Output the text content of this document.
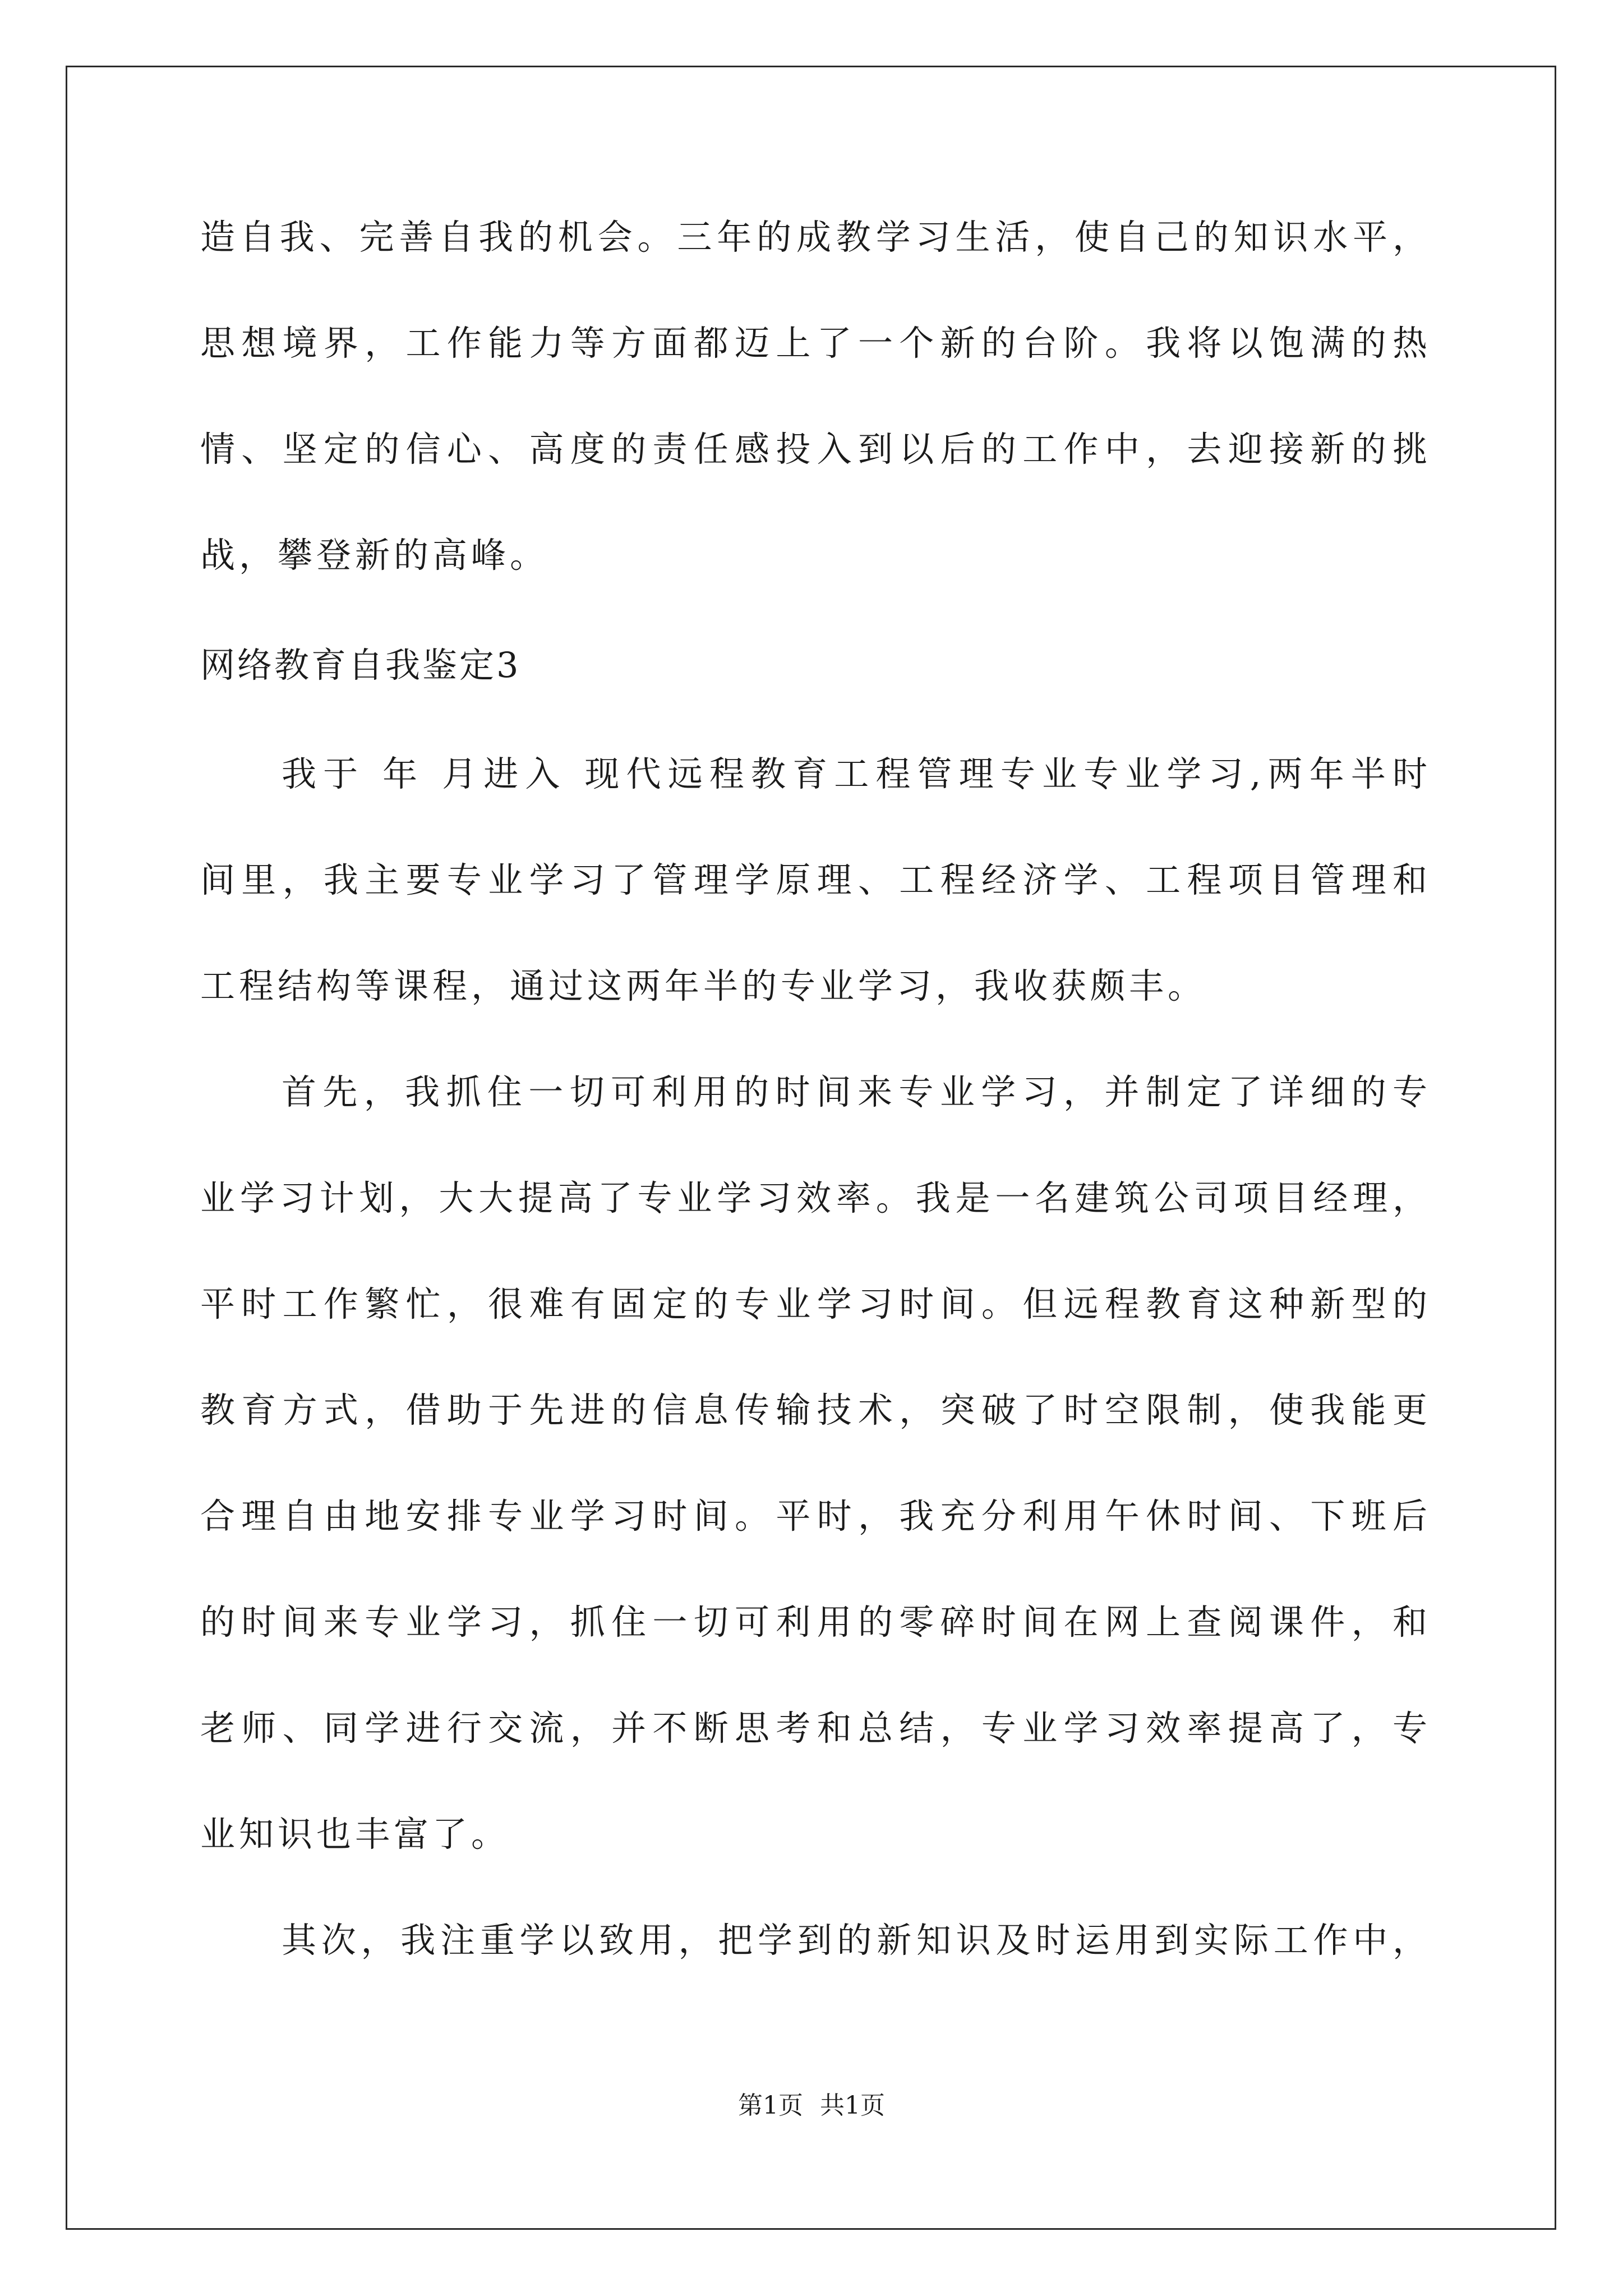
造自我、完善自我的机会。三年的成教学习生活，使自己的知识水平，
思想境界，工作能力等方面都迈上了一个新的台阶。我将以饱满的热
情、坚定的信心、高度的责任感投入到以后的工作中，去迎接新的挑
战，攀登新的高峰。
网络教育自我鉴定3
我于 年 月进入 现代远程教育工程管理专业专业学习,两年半时
间里，我主要专业学习了管理学原理、工程经济学、工程项目管理和
工程结构等课程，通过这两年半的专业学习，我收获颇丰。
首先，我抓住一切可利用的时间来专业学习，并制定了详细的专
业学习计划，大大提高了专业学习效率。我是一名建筑公司项目经理，
平时工作繁忙，很难有固定的专业学习时间。但远程教育这种新型的
教育方式，借助于先进的信息传输技术，突破了时空限制，使我能更
合理自由地安排专业学习时间。平时，我充分利用午休时间、下班后
的时间来专业学习，抓住一切可利用的零碎时间在网上查阅课件，和
老师、同学进行交流，并不断思考和总结，专业学习效率提高了，专
业知识也丰富了。
其次，我注重学以致用，把学到的新知识及时运用到实际工作中，
第1页 共1页
